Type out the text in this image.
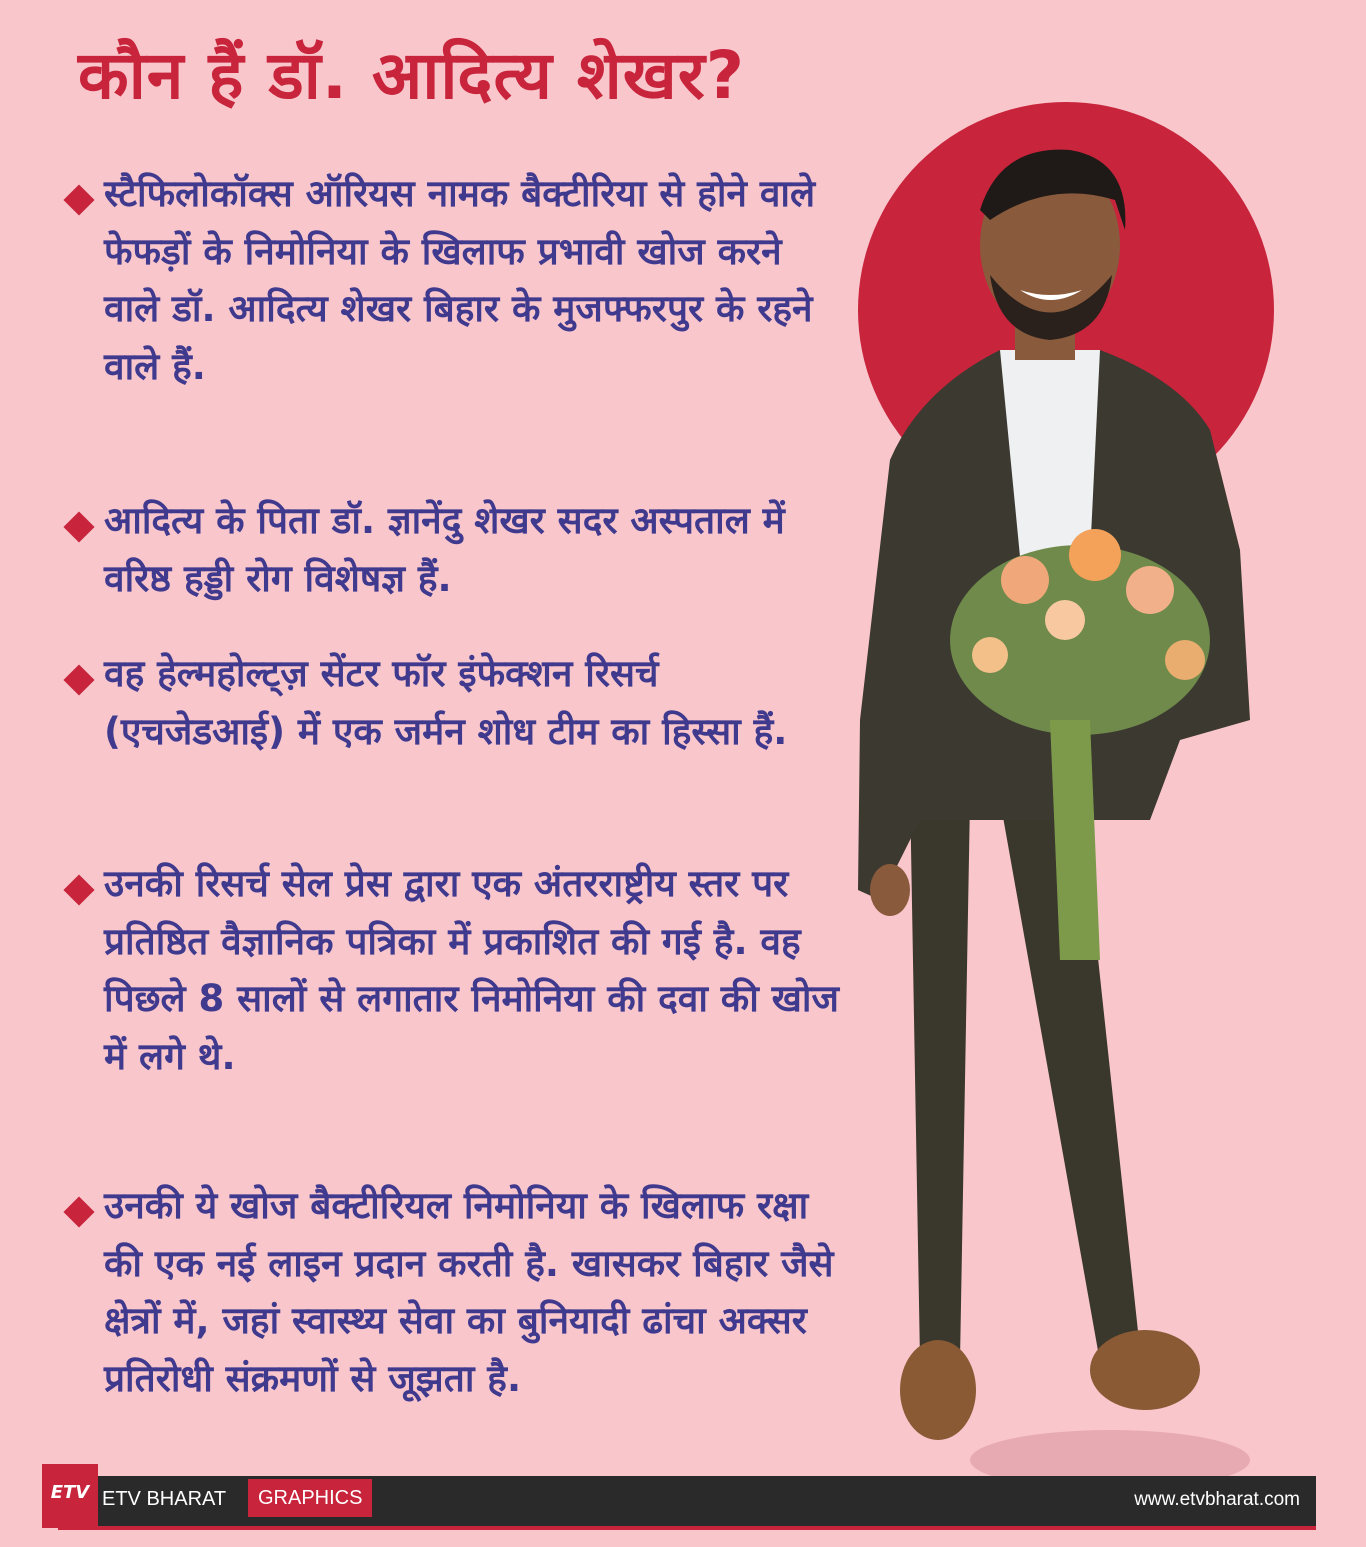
कौन हैं डॉ. आदित्य शेखर?
स्टैफिलोकॉक्स ऑरियस नामक बैक्टीरिया से होने वाले फेफड़ों के निमोनिया के खिलाफ प्रभावी खोज करने वाले डॉ. आदित्य शेखर बिहार के मुजफ्फरपुर के रहने वाले हैं.
आदित्य के पिता डॉ. ज्ञानेंदु शेखर सदर अस्पताल में वरिष्ठ हड्डी रोग विशेषज्ञ हैं.
वह हेल्महोल्ट्ज़ सेंटर फॉर इंफेक्शन रिसर्च (एचजेडआई) में एक जर्मन शोध टीम का हिस्सा हैं.
उनकी रिसर्च सेल प्रेस द्वारा एक अंतरराष्ट्रीय स्तर पर प्रतिष्ठित वैज्ञानिक पत्रिका में प्रकाशित की गई है. वह पिछले 8 सालों से लगातार निमोनिया की दवा की खोज में लगे थे.
उनकी ये खोज बैक्टीरियल निमोनिया के खिलाफ रक्षा की एक नई लाइन प्रदान करती है. खासकर बिहार जैसे क्षेत्रों में, जहां स्वास्थ्य सेवा का बुनियादी ढांचा अक्सर प्रतिरोधी संक्रमणों से जूझता है.
ETV ETV BHARAT	GRAPHICS	www.etvbharat.com
